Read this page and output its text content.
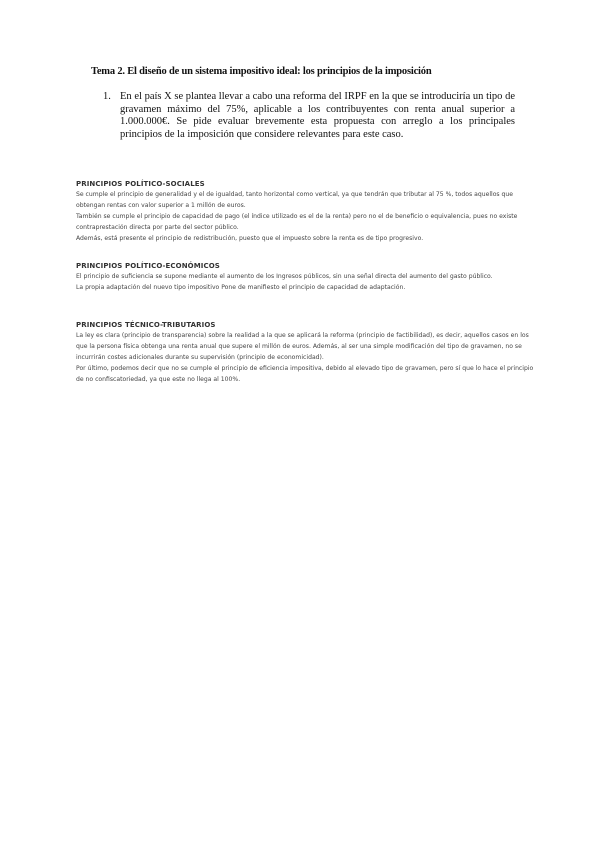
Tema 2. El diseño de un sistema impositivo ideal: los principios de la imposición
1. En el país X se plantea llevar a cabo una reforma del IRPF en la que se introduciría un tipo de gravamen máximo del 75%, aplicable a los contribuyentes con renta anual superior a 1.000.000€. Se pide evaluar brevemente esta propuesta con arreglo a los principales principios de la imposición que considere relevantes para este caso.
PRINCIPIOS POLÍTICO-SOCIALES

Se cumple el principio de generalidad y el de igualdad, tanto horizontal como vertical, ya que tendrán que tributar al 75 %, todos aquellos que obtengan rentas con valor superior a 1 millón de euros.

También se cumple el principio de capacidad de pago (el índice utilizado es el de la renta) pero no el de beneficio o equivalencia, pues no existe contraprestación directa por parte del sector público.

Además, está presente el principio de redistribución, puesto que el impuesto sobre la renta es de tipo progresivo.

PRINCIPIOS POLÍTICO-ECONÓMICOS

El principio de suficiencia se supone mediante el aumento de los Ingresos públicos, sin una señal directa del aumento del gasto público.

La propia adaptación del nuevo tipo impositivo Pone de manifiesto el principio de capacidad de adaptación.

PRINCIPIOS TÉCNICO-TRIBUTARIOS

La ley es clara (principio de transparencia) sobre la realidad a la que se aplicará la reforma (principio de factibilidad), es decir, aquellos casos en los que la persona física obtenga una renta anual que supere el millón de euros. Además, al ser una simple modificación del tipo de gravamen, no se incurrirán costes adicionales durante su supervisión (principio de economicidad).

Por último, podemos decir que no se cumple el principio de eficiencia impositiva, debido al elevado tipo de gravamen, pero sí que lo hace el principio de no confiscatoriedad, ya que este no llega al 100%.
